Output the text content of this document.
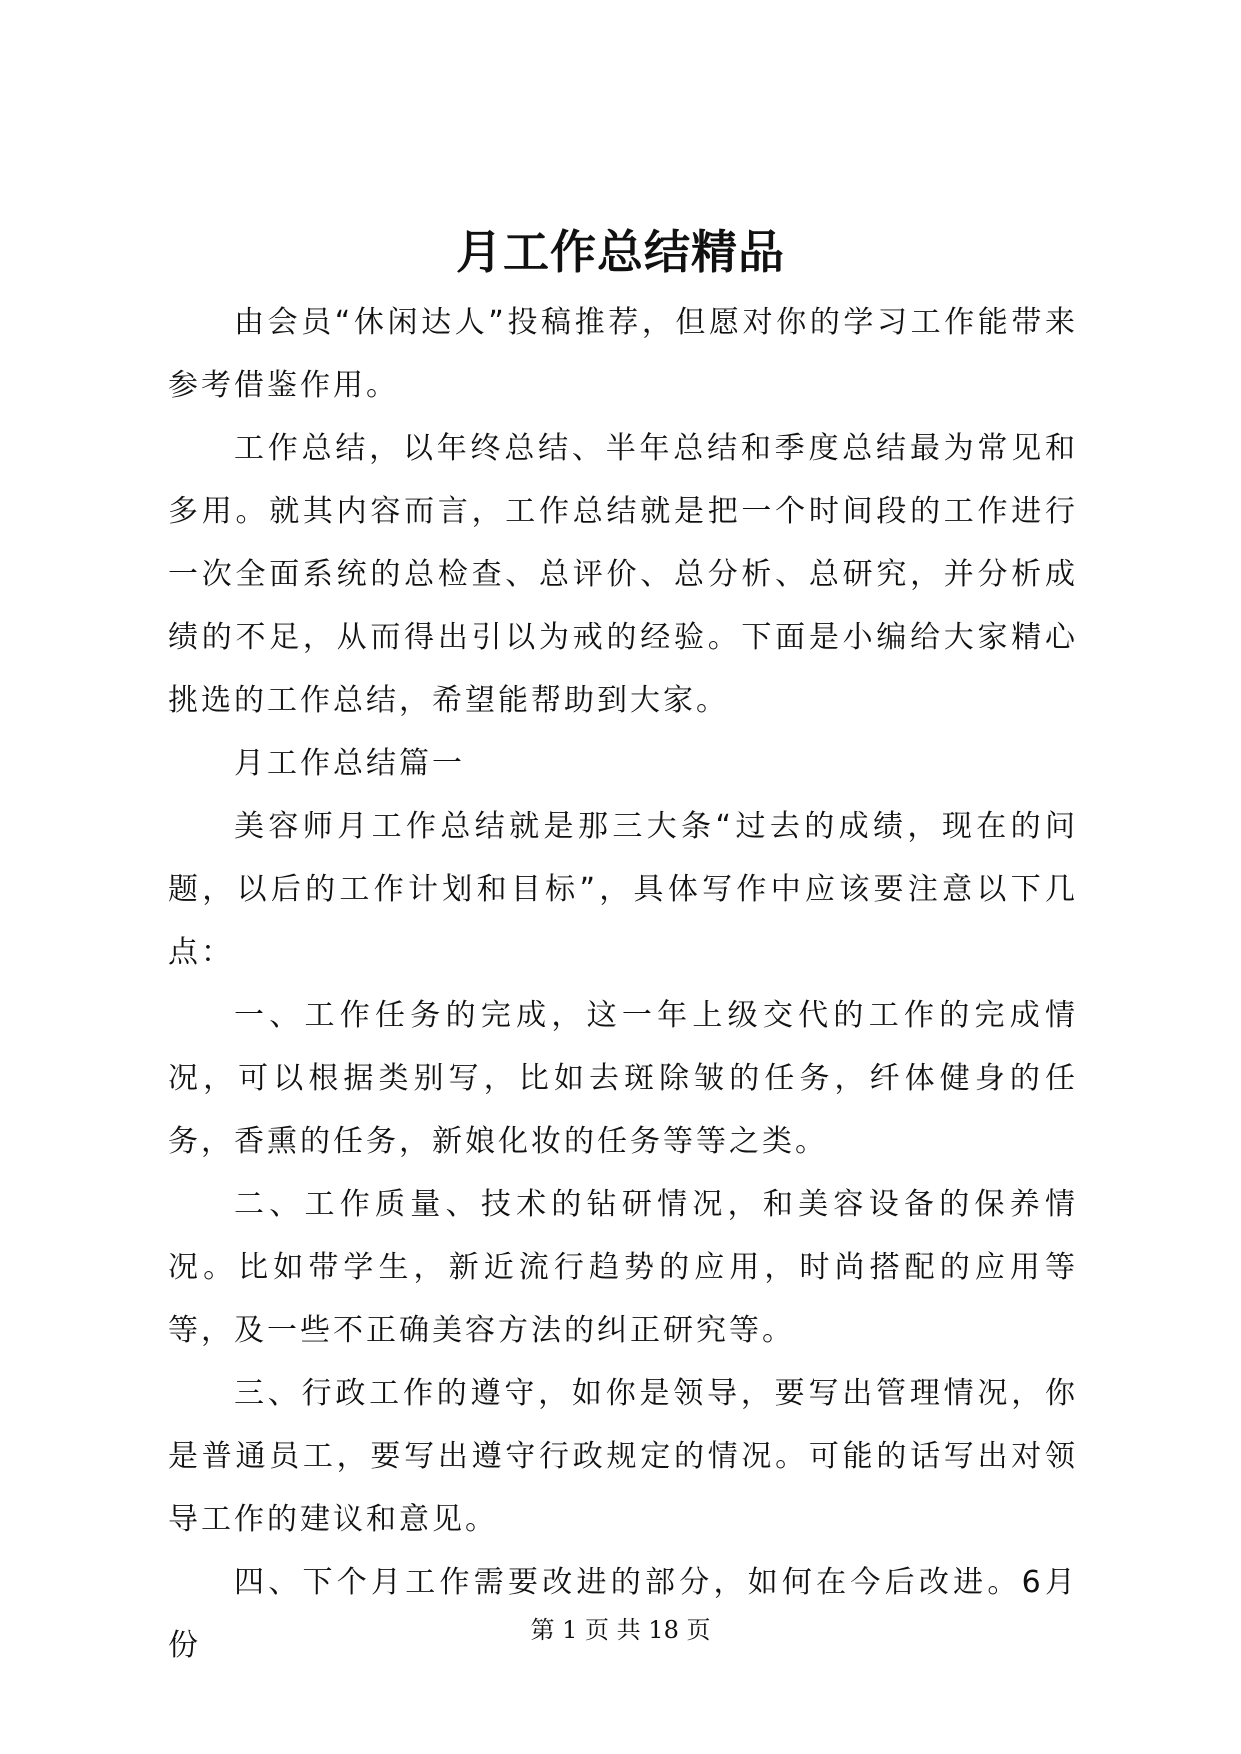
月工作总结精品

由会员“休闲达人”投稿推荐，但愿对你的学习工作能带来参考借鉴作用。

工作总结，以年终总结、半年总结和季度总结最为常见和多用。就其内容而言，工作总结就是把一个时间段的工作进行一次全面系统的总检查、总评价、总分析、总研究，并分析成绩的不足，从而得出引以为戒的经验。下面是小编给大家精心挑选的工作总结，希望能帮助到大家。

月工作总结篇一

美容师月工作总结就是那三大条“过去的成绩，现在的问题，以后的工作计划和目标”，具体写作中应该要注意以下几点：

一、工作任务的完成，这一年上级交代的工作的完成情况，可以根据类别写，比如去斑除皱的任务，纤体健身的任务，香熏的任务，新娘化妆的任务等等之类。

二、工作质量、技术的钻研情况，和美容设备的保养情况。比如带学生，新近流行趋势的应用，时尚搭配的应用等等，及一些不正确美容方法的纠正研究等。

三、行政工作的遵守，如你是领导，要写出管理情况，你是普通员工，要写出遵守行政规定的情况。可能的话写出对领导工作的建议和意见。

四、下个月工作需要改进的部分，如何在今后改进。6月份	第 1 页 共 18 页
